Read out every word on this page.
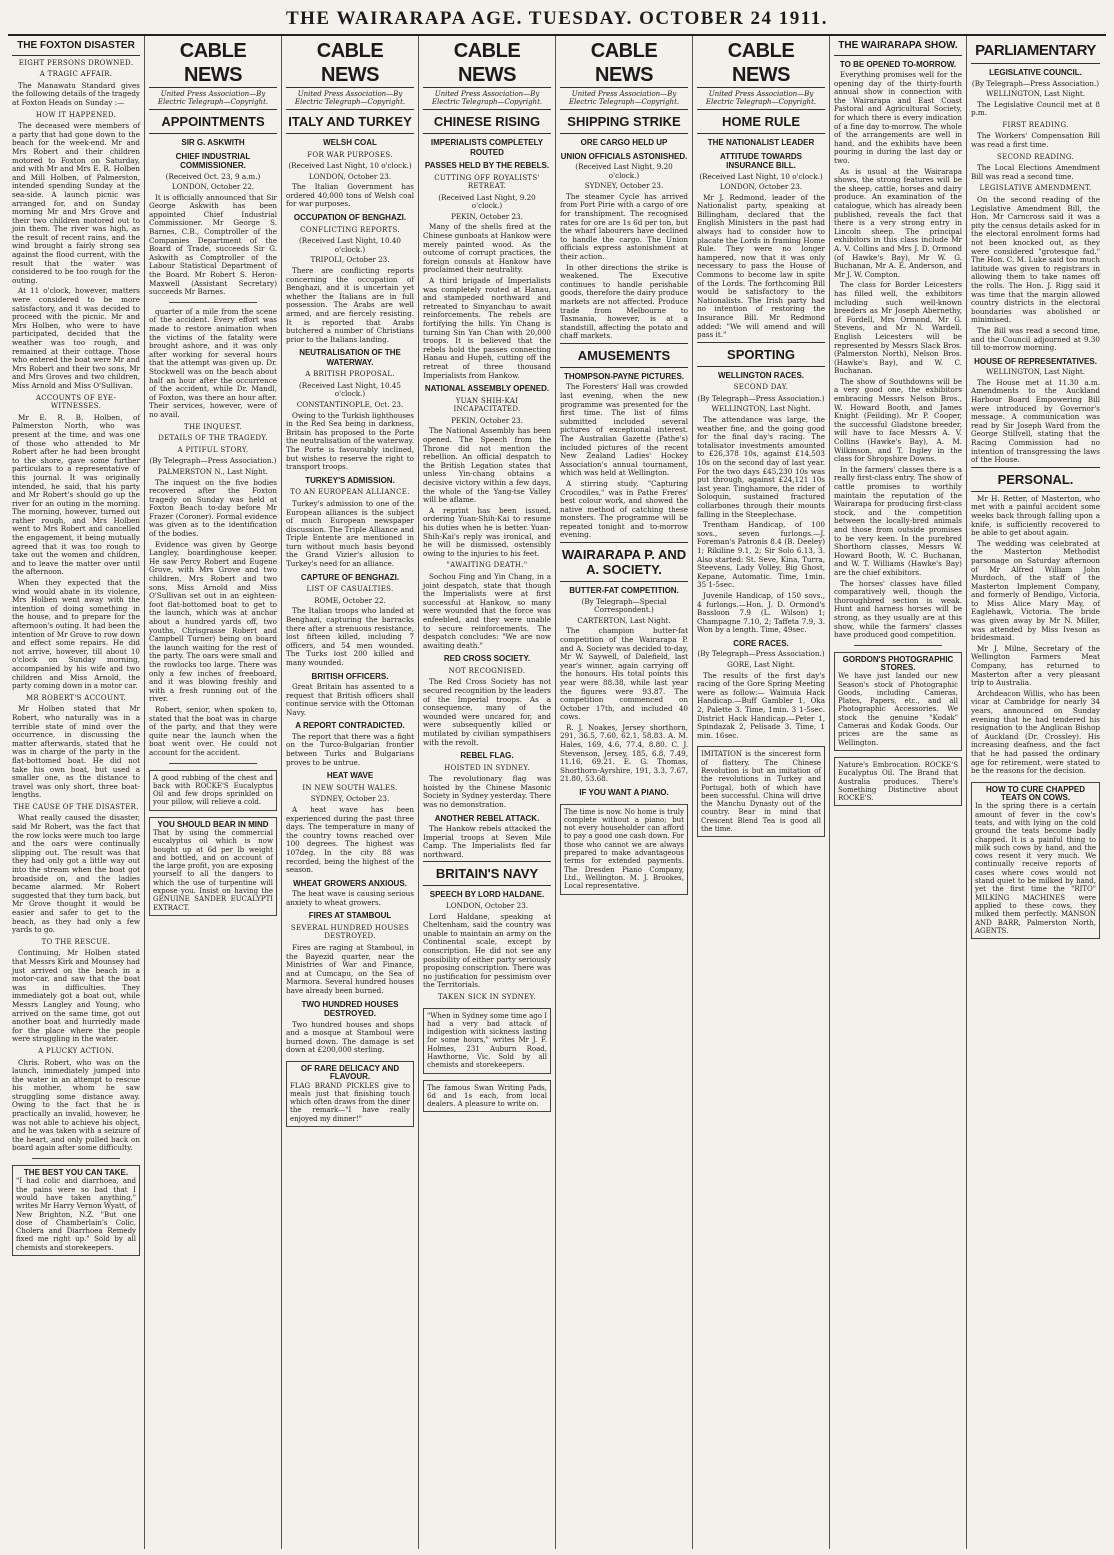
THE WAIRARAPA AGE. TUESDAY. OCTOBER 24 1911.
THE FOXTON DISASTER
EIGHT PERSONS DROWNED.
A TRAGIC AFFAIR.

The Manawatu Standard gives the following details of the tragedy at Foxton Heads on Sunday :—

HOW IT HAPPENED.

The deceased were members of a party that had gone down to the beach for the week-end. Mr and Mrs Robert and their children motored to Foxton on Saturday, and with Mr and Mrs E. R. Holben and Mill Holben, of Palmerston, intended spending Sunday at the sea-side. A launch picnic was arranged for, and on Sunday morning Mr and Mrs Grove and their two children motored out to join them. The river was high, as the result of recent rains, and the wind brought a fairly strong sea against the flood current, with the result that the water was considered to be too rough for the outing.

At 11 o'clock, however, matters were considered to be more satisfactory, and it was decided to proceed with the picnic. Mr and Mrs Holben, who were to have participated, decided that the weather was too rough, and remained at their cottage. Those who entered the boat were Mr and Mrs Robert and their two sons, Mr and Mrs Groves and two children, Miss Arnold and Miss O'Sullivan.

ACCOUNTS OF EYE-WITNESSES.

Mr E. R. B. Holben, of Palmerston North, who was present at the time, and was one of those who attended to Mr Robert after he had been brought to the shore, gave some further particulars to a representative of this journal. It was originally intended, he said, that his party and Mr Robert's should go up the river for an outing in the morning. The morning, however, turned out rather rough, and Mrs Holben went to Mrs Robert and cancelled the engagement, it being mutually agreed that it was too rough to take out the women and children, and to leave the matter over until the afternoon.

When they expected that the wind would abate in its violence, Mrs Holben went away with the intention of doing something in the house, and to prepare for the afternoon's outing. It had been the intention of Mr Grove to row down and effect some repairs. He did not arrive, however, till about 10 o'clock on Sunday morning, accompanied by his wife and two children and Miss Arnold, the party coming down in a motor car.

MR ROBERT'S ACCOUNT.

Mr Holben stated that Mr Robert, who naturally was in a terrible state of mind over the occurrence, in discussing the matter afterwards, stated that he was in charge of the party in the flat-bottomed boat. He did not take his own boat, but used a smaller one, as the distance to travel was only short, three boat-lengths.

THE CAUSE OF THE DISASTER.

What really caused the disaster, said Mr Robert, was the fact that the row locks were much too large and the oars were continually slipping out. The result was that they had only got a little way out into the stream when the boat got broadside on, and the ladies became alarmed. Mr Robert suggested that they turn back, but Mr Grove thought it would be easier and safer to get to the beach, as they had only a few yards to go.

TO THE RESCUE.

Continuing, Mr Holben stated that Messrs Kirk and Mounsey had just arrived on the beach in a motor-car, and saw that the boat was in difficulties. They immediately got a boat out, while Messrs Langley and Young, who arrived on the same time, got out another boat and hurriedly made for the place where the people were struggling in the water.

A PLUCKY ACTION.

Chris. Robert, who was on the launch, immediately jumped into the water in an attempt to rescue his mother, whom he saw struggling some distance away. Owing to the fact that he is practically an invalid, however, he was not able to achieve his object, and he was taken with a seizure of the heart, and only pulled back on board again after some difficulty.

THE BEST YOU CAN TAKE.
"I had colic and diarrhoea, and the pains were so bad that I would have taken anything," writes Mr Harry Vernon Wyatt, of New Brighton, N.Z. "But one dose of Chamberlain's Colic, Cholera and Diarrhoea Remedy fixed me right up." Sold by all chemists and storekeepers.
CABLE NEWS
United Press Association—By Electric Telegraph—Copyright.
APPOINTMENTS
SIR G. ASKWITH
CHIEF INDUSTRIAL COMMISSIONER.
(Received Oct. 23, 9 a.m.)
LONDON, October 22.

It is officially announced that Sir George Askwith has been appointed Chief Industrial Commissioner. Mr George S. Barnes, C.B., Comptroller of the Companies Department of the Board of Trade, succeeds Sir G. Askwith as Comptroller of the Labour Statistical Department of the Board. Mr Robert S. Heron-Maxwell (Assistant Secretary) succeeds Mr Barnes.

quarter of a mile from the scene of the accident. Every effort was made to restore animation when the victims of the fatality were brought ashore, and it was only after working for several hours that the attempt was given up. Dr. Stockwell was on the beach about half an hour after the occurrence of the accident, while Dr. Mandl, of Foxton, was there an hour after. Their services, however, were of no avail.

THE INQUEST.
DETAILS OF THE TRAGEDY.
A PITIFUL STORY.
(By Telegraph—Press Association.)
PALMERSTON N., Last Night.

The inquest on the five bodies recovered after the Foxton tragedy on Sunday was held at Foxton Beach to-day before Mr Frazer (Coroner). Formal evidence was given as to the identification of the bodies.

Evidence was given by George Langley, boardinghouse keeper. He saw Percy Robert and Eugene Grove, with Mrs Grove and two children, Mrs Robert and two sons, Miss Arnold and Miss O'Sullivan set out in an eighteen-foot flat-bottomed boat to get to the launch, which was at anchor about a hundred yards off, two youths, Chrisgrasse Robert and Campbell Turner) being on board the launch waiting for the rest of the party. The oars were small and the rowlocks too large. There was only a few inches of freeboard, and it was blowing freshly and with a fresh running out of the river.

Robert, senior, when spoken to, stated that the boat was in charge of the party, and that they were quite near the launch when the boat went over. He could not account for the accident.

A good rubbing of the chest and back with ROCKE'S Eucalyptus Oil and few drops sprinkled on your pillow, will relieve a cold.
YOU SHOULD BEAR IN MIND
That by using the commercial eucalyptus oil which is now bought up at 6d per lb weight and bottled, and on account of the large profit, you are exposing yourself to all the dangers to which the use of turpentine will expose you. Insist on having the GENUINE SANDER EUCALYPTI EXTRACT.
CABLE NEWS
United Press Association—By Electric Telegraph—Copyright.
ITALY AND TURKEY
WELSH COAL
FOR WAR PURPOSES.
(Received Last Night, 10 o'clock.)
LONDON, October 23.

The Italian Government has ordered 40,000 tons of Welsh coal for war purposes.

OCCUPATION OF BENGHAZI.
CONFLICTING REPORTS.
(Received Last Night, 10.40 o'clock.)
TRIPOLI, October 23.

There are conflicting reports concerning the occupation of Benghazi, and it is uncertain yet whether the Italians are in full possession. The Arabs are well armed, and are fiercely resisting. It is reported that Arabs butchered a number of Christians prior to the Italians landing.

NEUTRALISATION OF THE WATERWAY.
A BRITISH PROPOSAL.
(Received Last Night, 10.45 o'clock.)
CONSTANTINOPLE, Oct. 23.

Owing to the Turkish lighthouses in the Red Sea being in darkness, Britain has proposed to the Porte the neutralisation of the waterway. The Porte is favourably inclined, but wishes to reserve the right to transport troops.

TURKEY'S ADMISSION.
TO AN EUROPEAN ALLIANCE.

Turkey's admission to one of the European alliances is the subject of much European newspaper discussion. The Triple Alliance and Triple Entente are mentioned in turn without much basis beyond the Grand Vizier's allusion to Turkey's need for an alliance.

CAPTURE OF BENGHAZI.
LIST OF CASUALTIES.
ROME, October 22.

The Italian troops who landed at Benghazi, capturing the barracks there after a strenuous resistance, lost fifteen killed, including 7 officers, and 54 men wounded. The Turks lost 200 killed and many wounded.

BRITISH OFFICERS.

Great Britain has assented to a request that British officers shall continue service with the Ottoman Navy.

A REPORT CONTRADICTED.

The report that there was a fight on the Turco-Bulgarian frontier between Turks and Bulgarians proves to be untrue.

HEAT WAVE
IN NEW SOUTH WALES.
SYDNEY, October 23.

A heat wave has been experienced during the past three days. The temperature in many of the country towns reached over 100 degrees. The highest was 107deg. In the city 88 was recorded, being the highest of the season.

WHEAT GROWERS ANXIOUS.

The heat wave is causing serious anxiety to wheat growers.

FIRES AT STAMBOUL
SEVERAL HUNDRED HOUSES DESTROYED.

Fires are raging at Stamboul, in the Bayezid quarter, near the Ministries of War and Finance, and at Cumcapu, on the Sea of Marmora. Several hundred houses have already been burned.

TWO HUNDRED HOUSES DESTROYED.

Two hundred houses and shops and a mosque at Stamboul were burned down. The damage is set down at £200,000 sterling.

OF RARE DELICACY AND FLAVOUR.
FLAG BRAND PICKLES give to meals just that finishing touch which often draws from the diner the remark—"I have really enjoyed my dinner!"
CABLE NEWS
United Press Association—By Electric Telegraph—Copyright.
CHINESE RISING
IMPERIALISTS COMPLETELY ROUTED
PASSES HELD BY THE REBELS.
CUTTING OFF ROYALISTS' RETREAT.
(Received Last Night, 9.20 o'clock.)
PEKIN, October 23.

Many of the shells fired at the Chinese gunboats at Hankow were merely painted wood. As the outcome of corrupt practices, the foreign consuls at Hankow have proclaimed their neutrality.

A third brigade of Imperialists was completely routed at Hanau, and stampeded northward and retreated to Sinyanchau to await reinforcements. The rebels are fortifying the hills. Yin Chang is turning Sin Yan Chan with 20,000 troops. It is believed that the rebels hold the passes connecting Hanau and Hupeh, cutting off the retreat of three thousand Imperialists from Hankow.

NATIONAL ASSEMBLY OPENED.
YUAN SHIH-KAI INCAPACITATED.
PEKIN, October 23.

The National Assembly has been opened. The Speech from the Throne did not mention the rebellion. An official despatch to the British Legation states that unless Yin-chang obtains a decisive victory within a few days, the whole of the Yang-tse Valley will be aflame.

A reprint has been issued, ordering Yuan-Shih-Kai to resume his duties when he is better. Yuan-Shih-Kai's reply was ironical, and he will be dismissed, ostensibly owing to the injuries to his feet.

"AWAITING DEATH."

Sochou Fing and Yin Chang, in a joint despatch, state that though the Imperialists were at first successful at Hankow, so many were wounded that the force was enfeebled, and they were unable to secure reinforcements. The despatch concludes: "We are now awaiting death."

RED CROSS SOCIETY.
NOT RECOGNISED.

The Red Cross Society has not secured recognition by the leaders of the Imperial troops. As a consequence, many of the wounded were uncared for, and were subsequently killed or mutilated by civilian sympathisers with the revolt.

REBEL FLAG.
HOISTED IN SYDNEY.

The revolutionary flag was hoisted by the Chinese Masonic Society in Sydney yesterday. There was no demonstration.

ANOTHER REBEL ATTACK.

The Hankow rebels attacked the Imperial troops at Seven Mile Camp. The Imperialists fled far northward.

BRITAIN'S NAVY
SPEECH BY LORD HALDANE.
LONDON, October 23.

Lord Haldane, speaking at Cheltenham, said the country was unable to maintain an army on the Continental scale, except by conscription. He did not see any possibility of either party seriously proposing conscription. There was no justification for pessimism over the Territorials.

TAKEN SICK IN SYDNEY.
"When in Sydney some time ago I had a very bad attack of indigestion with sickness lasting for some hours," writes Mr J. F. Holmes, 231 Auburn Road, Hawthorne, Vic. Sold by all chemists and storekeepers.
The famous Swan Writing Pads, 6d and 1s each, from local dealers. A pleasure to write on.
CABLE NEWS
United Press Association—By Electric Telegraph—Copyright.
SHIPPING STRIKE
ORE CARGO HELD UP
UNION OFFICIALS ASTONISHED.
(Received Last Night, 9.20 o'clock.)
SYDNEY, October 23.

The steamer Cycle has arrived from Port Pirie with a cargo of ore for transhipment. The recognised rates for ore are 1s 6d per ton, but the wharf labourers have declined to handle the cargo. The Union officials express astonishment at their action.

In other directions the strike is weakened. The Executive continues to handle perishable goods, therefore the dairy produce markets are not affected. Produce trade from Melbourne to Tasmania, however, is at a standstill, affecting the potato and chaff markets.

AMUSEMENTS
THOMPSON-PAYNE PICTURES.

The Foresters' Hall was crowded last evening, when the new programme was presented for the first time. The list of films submitted included several pictures of exceptional interest. The Australian Gazette (Pathe's) included pictures of the recent New Zealand Ladies' Hockey Association's annual tournament, which was held at Wellington.

A stirring study, "Capturing Crocodiles," was in Pathe Freres' best colour work, and showed the native method of catching these monsters. The programme will be repeated tonight and to-morrow evening.

WAIRARAPA P. AND A. SOCIETY.
BUTTER-FAT COMPETITION.
(By Telegraph—Special Correspondent.)
CARTERTON, Last Night.

The champion butter-fat competition of the Wairarapa P. and A. Society was decided to-day, Mr W. Saywell, of Dalefield, last year's winner, again carrying off the honours. His total points this year were 88.38, while last year the figures were 93.87. The competition commenced on October 17th, and included 40 cows.

R. J. Noakes, Jersey shorthorn, 291, 36.5, 7.60, 62.1, 58.83. A. M. Hales, 169, 4.6, 77.4, 8.80. C. J. Stevenson, Jersey, 185, 6.8, 7.49, 11.16, 69.21. E. G. Thomas, Shorthorn-Ayrshire, 191, 3.3, 7.67, 21.80, 53.68.

IF YOU WANT A PIANO.
The time is now. No home is truly complete without a piano; but not every householder can afford to pay a good one cash down. For those who cannot we are always prepared to make advantageous terms for extended payments. The Dresden Piano Company, Ltd., Wellington. M. J. Brookes, Local representative.
CABLE NEWS
United Press Association—By Electric Telegraph—Copyright.
HOME RULE
THE NATIONALIST LEADER
ATTITUDE TOWARDS INSURANCE BILL.
(Received Last Night, 10 o'clock.)
LONDON, October 23.

Mr J. Redmond, leader of the Nationalist party, speaking at Billingham, declared that the English Ministers in the past had always had to consider how to placate the Lords in framing Home Rule. They were no longer hampered, now that it was only necessary to pass the House of Commons to become law in spite of the Lords. The forthcoming Bill would be satisfactory to the Nationalists. The Irish party had no intention of restoring the Insurance Bill. Mr Redmond added: "We will amend and will pass it."

SPORTING
WELLINGTON RACES.
SECOND DAY.
(By Telegraph—Press Association.)
WELLINGTON, Last Night.

The attendance was large, the weather fine, and the going good for the final day's racing. The totalisator investments amounted to £26,378 10s, against £14,503 10s on the second day of last year. For the two days £45,230 10s was put through, against £24,121 10s last year. Tinghamore, the rider of Soloquin, sustained fractured collarbones through their mounts falling in the Steeplechase.

Trentham Handicap, of 100 sovs., seven furlongs.—J. Foreman's Patronis 8.4 (B. Deeley) 1; Rikiline 9.1, 2; Sir Solo 6.13, 3. Also started: St. Seve, Kina, Turra, Steevens, Lady Volley, Big Ghost, Kepane, Automatic. Time, 1min. 35 1-5sec.

Juvenile Handicap, of 150 sovs., 4 furlongs.—Hon. J. D. Ormond's Bassloon 7.9 (L. Wilson) 1; Champagne 7.10, 2; Taffeta 7.9, 3. Won by a length. Time, 49sec.

CORE RACES.
(By Telegraph—Press Association.)
GORE, Last Night.

The results of the first day's racing of the Gore Spring Meeting were as follow:— Waimuia Hack Handicap.—Buff Gambler 1, Oka 2, Palette 3. Time, 1min. 3 1-5sec. District Hack Handicap.—Peter 1, Spindazak 2, Pelisade 3. Time, 1 min. 16sec.

IMITATION is the sincerest form of flattery. The Chinese Revolution is but an imitation of the revolutions in Turkey and Portugal, both of which have been successful. China will drive the Manchu Dynasty out of the country. Bear in mind that Crescent Blend Tea is good all the time.
THE WAIRARAPA SHOW.
TO BE OPENED TO-MORROW.

Everything promises well for the opening day of the thirty-fourth annual show in connection with the Wairarapa and East Coast Pastoral and Agricultural Society, for which there is every indication of a fine day to-morrow. The whole of the arrangements are well in hand, and the exhibits have been pouring in during the last day or two.

As is usual at the Wairarapa shows, the strong features will be the sheep, cattle, horses and dairy produce. An examination of the catalogue, which has already been published, reveals the fact that there is a very strong entry in Lincoln sheep. The principal exhibitors in this class include Mr A. V. Collins and Mrs J. D. Ormond (of Hawke's Bay), Mr W. G. Buchanan, Mr A. E. Anderson, and Mr J. W. Compton.

The class for Border Leicesters has filled well, the exhibitors including such well-known breeders as Mr Joseph Abernethy, of Fordell, Mrs Ormond, Mr G. Stevens, and Mr N. Wardell. English Leicesters will be represented by Messrs Slack Bros. (Palmerston North), Nelson Bros. (Hawke's Bay), and W. C. Buchanan.

The show of Southdowns will be a very good one, the exhibitors embracing Messrs Nelson Bros., W. Howard Booth, and James Knight (Feilding). Mr P. Cooper, the successful Gladstone breeder, will have to face Messrs A. V. Collins (Hawke's Bay), A. M. Wilkinson, and T. Ingley in the class for Shropshire Downs.

In the farmers' classes there is a really first-class entry. The show of cattle promises to worthily maintain the reputation of the Wairarapa for producing first-class stock, and the competition between the locally-bred animals and those from outside promises to be very keen. In the purebred Shorthorn classes, Messrs W. Howard Booth, W. C. Buchanan, and W. T. Williams (Hawke's Bay) are the chief exhibitors.

The horses' classes have filled comparatively well, though the thoroughbred section is weak. Hunt and harness horses will be strong, as they usually are at this show, while the farmers' classes have produced good competition.

GORDON'S PHOTOGRAPHIC STORES.
We have just landed our new Season's stock of Photographic Goods, including Cameras, Plates, Papers, etc., and all Photographic Accessories. We stock the genuine "Kodak" Cameras and Kodak Goods. Our prices are the same as Wellington.
Nature's Embrocation. ROCKE'S Eucalyptus Oil. The Brand that Australia produces. There's Something Distinctive about ROCKE'S.
PARLIAMENTARY
LEGISLATIVE COUNCIL.
(By Telegraph—Press Association.)
WELLINGTON, Last Night.

The Legislative Council met at 8 p.m.

FIRST READING.

The Workers' Compensation Bill was read a first time.

SECOND READING.

The Local Elections Amendment Bill was read a second time.

LEGISLATIVE AMENDMENT.

On the second reading of the Legislative Amendment Bill, the Hon. Mr Carncross said it was a pity the census details asked for in the electoral enrolment forms had not been knocked out, as they were considered "grotesque fad." The Hon. C. M. Luke said too much latitude was given to registrars in allowing them to take names off the rolls. The Hon. J. Rigg said it was time that the margin allowed country districts in the electoral boundaries was abolished or minimised.

The Bill was read a second time, and the Council adjourned at 9.30 till to-morrow morning.

HOUSE OF REPRESENTATIVES.
WELLINGTON, Last Night.

The House met at 11.30 a.m. Amendments to the Auckland Harbour Board Empowering Bill were introduced by Governor's message. A communication was read by Sir Joseph Ward from the George Stillvell, stating that the Racing Commission had no intention of transgressing the laws of the House.

PERSONAL.

Mr H. Retter, of Masterton, who met with a painful accident some weeks back through falling upon a knife, is sufficiently recovered to be able to get about again.

The wedding was celebrated at the Masterton Methodist parsonage on Saturday afternoon of Mr Alfred William John Murdoch, of the staff of the Masterton Implement Company, and formerly of Bendigo, Victoria, to Miss Alice Mary May, of Eaglehawk, Victoria. The bride was given away by Mr N. Miller, was attended by Miss Iveson as bridesmaid.

Mr J. Milne, Secretary of the Wellington Farmers Meat Company, has returned to Masterton after a very pleasant trip to Australia.

Archdeacon Willis, who has been vicar at Cambridge for nearly 34 years, announced on Sunday evening that he had tendered his resignation to the Anglican Bishop of Auckland (Dr. Crossley). His increasing deafness, and the fact that he had passed the ordinary age for retirement, were stated to be the reasons for the decision.

HOW TO CURE CHAPPED TEATS ON COWS.
In the spring there is a certain amount of fever in the cow's teats, and with lying on the cold ground the teats become badly chapped. It is a painful thing to milk such cows by hand, and the cows resent it very much. We continually receive reports of cases where cows would not stand quiet to be milked by hand, yet the first time the "RITO" MILKING MACHINES were applied to these cows, they milked them perfectly. MANSON AND BARR, Palmerston North, AGENTS.
